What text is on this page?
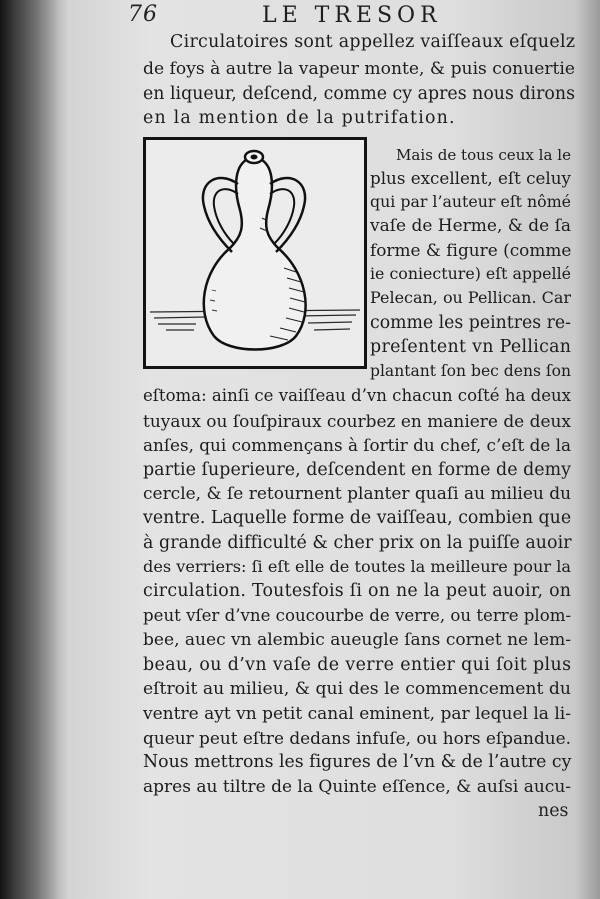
76	LE TRESOR
Circulatoires sont appellez vaiſſeaux eſquelz
de foys à autre la vapeur monte, & puis conuertie
en liqueur, deſcend, comme cy apres nous dirons
en la mention de la putrifation.
Mais de tous ceux la le
plus excellent, eſt celuy
qui par l’auteur eſt nômé
vaſe de Herme, & de ſa
forme & figure (comme
ie coniecture) eſt appellé
Pelecan, ou Pellican. Car
comme les peintres re-
preſentent vn Pellican
plantant ſon bec dens ſon
eſtoma: ainſi ce vaiſſeau d’vn chacun coſté ha deux
tuyaux ou ſouſpiraux courbez en maniere de deux
anſes, qui commençans à ſortir du chef, c’eſt de la
partie ſuperieure, deſcendent en forme de demy
cercle, & ſe retournent planter quaſi au milieu du
ventre. Laquelle forme de vaiſſeau, combien que
à grande difficulté & cher prix on la puiſſe auoir
des verriers: ſi eſt elle de toutes la meilleure pour la
circulation. Toutesfois ſi on ne la peut auoir, on
peut vſer d’vne coucourbe de verre, ou terre plom-
bee, auec vn alembic aueugle ſans cornet ne lem-
beau, ou d’vn vaſe de verre entier qui ſoit plus
eſtroit au milieu, & qui des le commencement du
ventre ayt vn petit canal eminent, par lequel la li-
queur peut eſtre dedans infuſe, ou hors eſpandue.
Nous mettrons les figures de l’vn & de l’autre cy
apres au tiltre de la Quinte eſſence, & auſsi aucu-
nes
